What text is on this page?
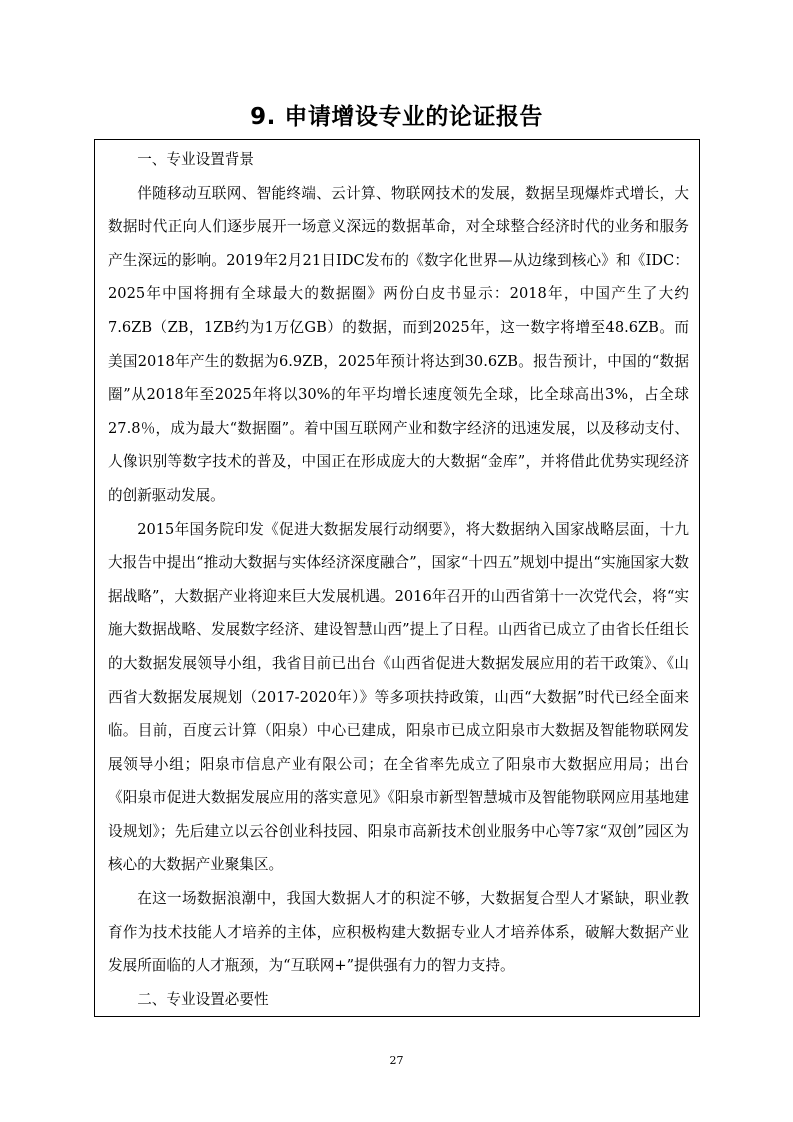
9. 申请增设专业的论证报告
一、专业设置背景
伴随移动互联网、智能终端、云计算、物联网技术的发展，数据呈现爆炸式增长，大数据时代正向人们逐步展开一场意义深远的数据革命，对全球整合经济时代的业务和服务产生深远的影响。2019年2月21日IDC发布的《数字化世界—从边缘到核心》和《IDC：2025年中国将拥有全球最大的数据圈》两份白皮书显示：2018年，中国产生了大约7.6ZB（ZB，1ZB约为1万亿GB）的数据，而到2025年，这一数字将增至48.6ZB。而美国2018年产生的数据为6.9ZB，2025年预计将达到30.6ZB。报告预计，中国的“数据圈”从2018年至2025年将以30%的年平均增长速度领先全球，比全球高出3%，占全球27.8％，成为最大“数据圈”。着中国互联网产业和数字经济的迅速发展，以及移动支付、人像识别等数字技术的普及，中国正在形成庞大的大数据“金库”，并将借此优势实现经济的创新驱动发展。
2015年国务院印发《促进大数据发展行动纲要》，将大数据纳入国家战略层面，十九大报告中提出“推动大数据与实体经济深度融合”，国家“十四五”规划中提出“实施国家大数据战略”，大数据产业将迎来巨大发展机遇。2016年召开的山西省第十一次党代会，将“实施大数据战略、发展数字经济、建设智慧山西”提上了日程。山西省已成立了由省长任组长的大数据发展领导小组，我省目前已出台《山西省促进大数据发展应用的若干政策》、《山西省大数据发展规划（2017-2020年）》等多项扶持政策，山西“大数据”时代已经全面来临。目前，百度云计算（阳泉）中心已建成，阳泉市已成立阳泉市大数据及智能物联网发展领导小组；阳泉市信息产业有限公司；在全省率先成立了阳泉市大数据应用局；出台《阳泉市促进大数据发展应用的落实意见》《阳泉市新型智慧城市及智能物联网应用基地建设规划》；先后建立以云谷创业科技园、阳泉市高新技术创业服务中心等7家“双创”园区为核心的大数据产业聚集区。
在这一场数据浪潮中，我国大数据人才的积淀不够，大数据复合型人才紧缺，职业教育作为技术技能人才培养的主体，应积极构建大数据专业人才培养体系，破解大数据产业发展所面临的人才瓶颈，为“互联网+”提供强有力的智力支持。
二、专业设置必要性
27
